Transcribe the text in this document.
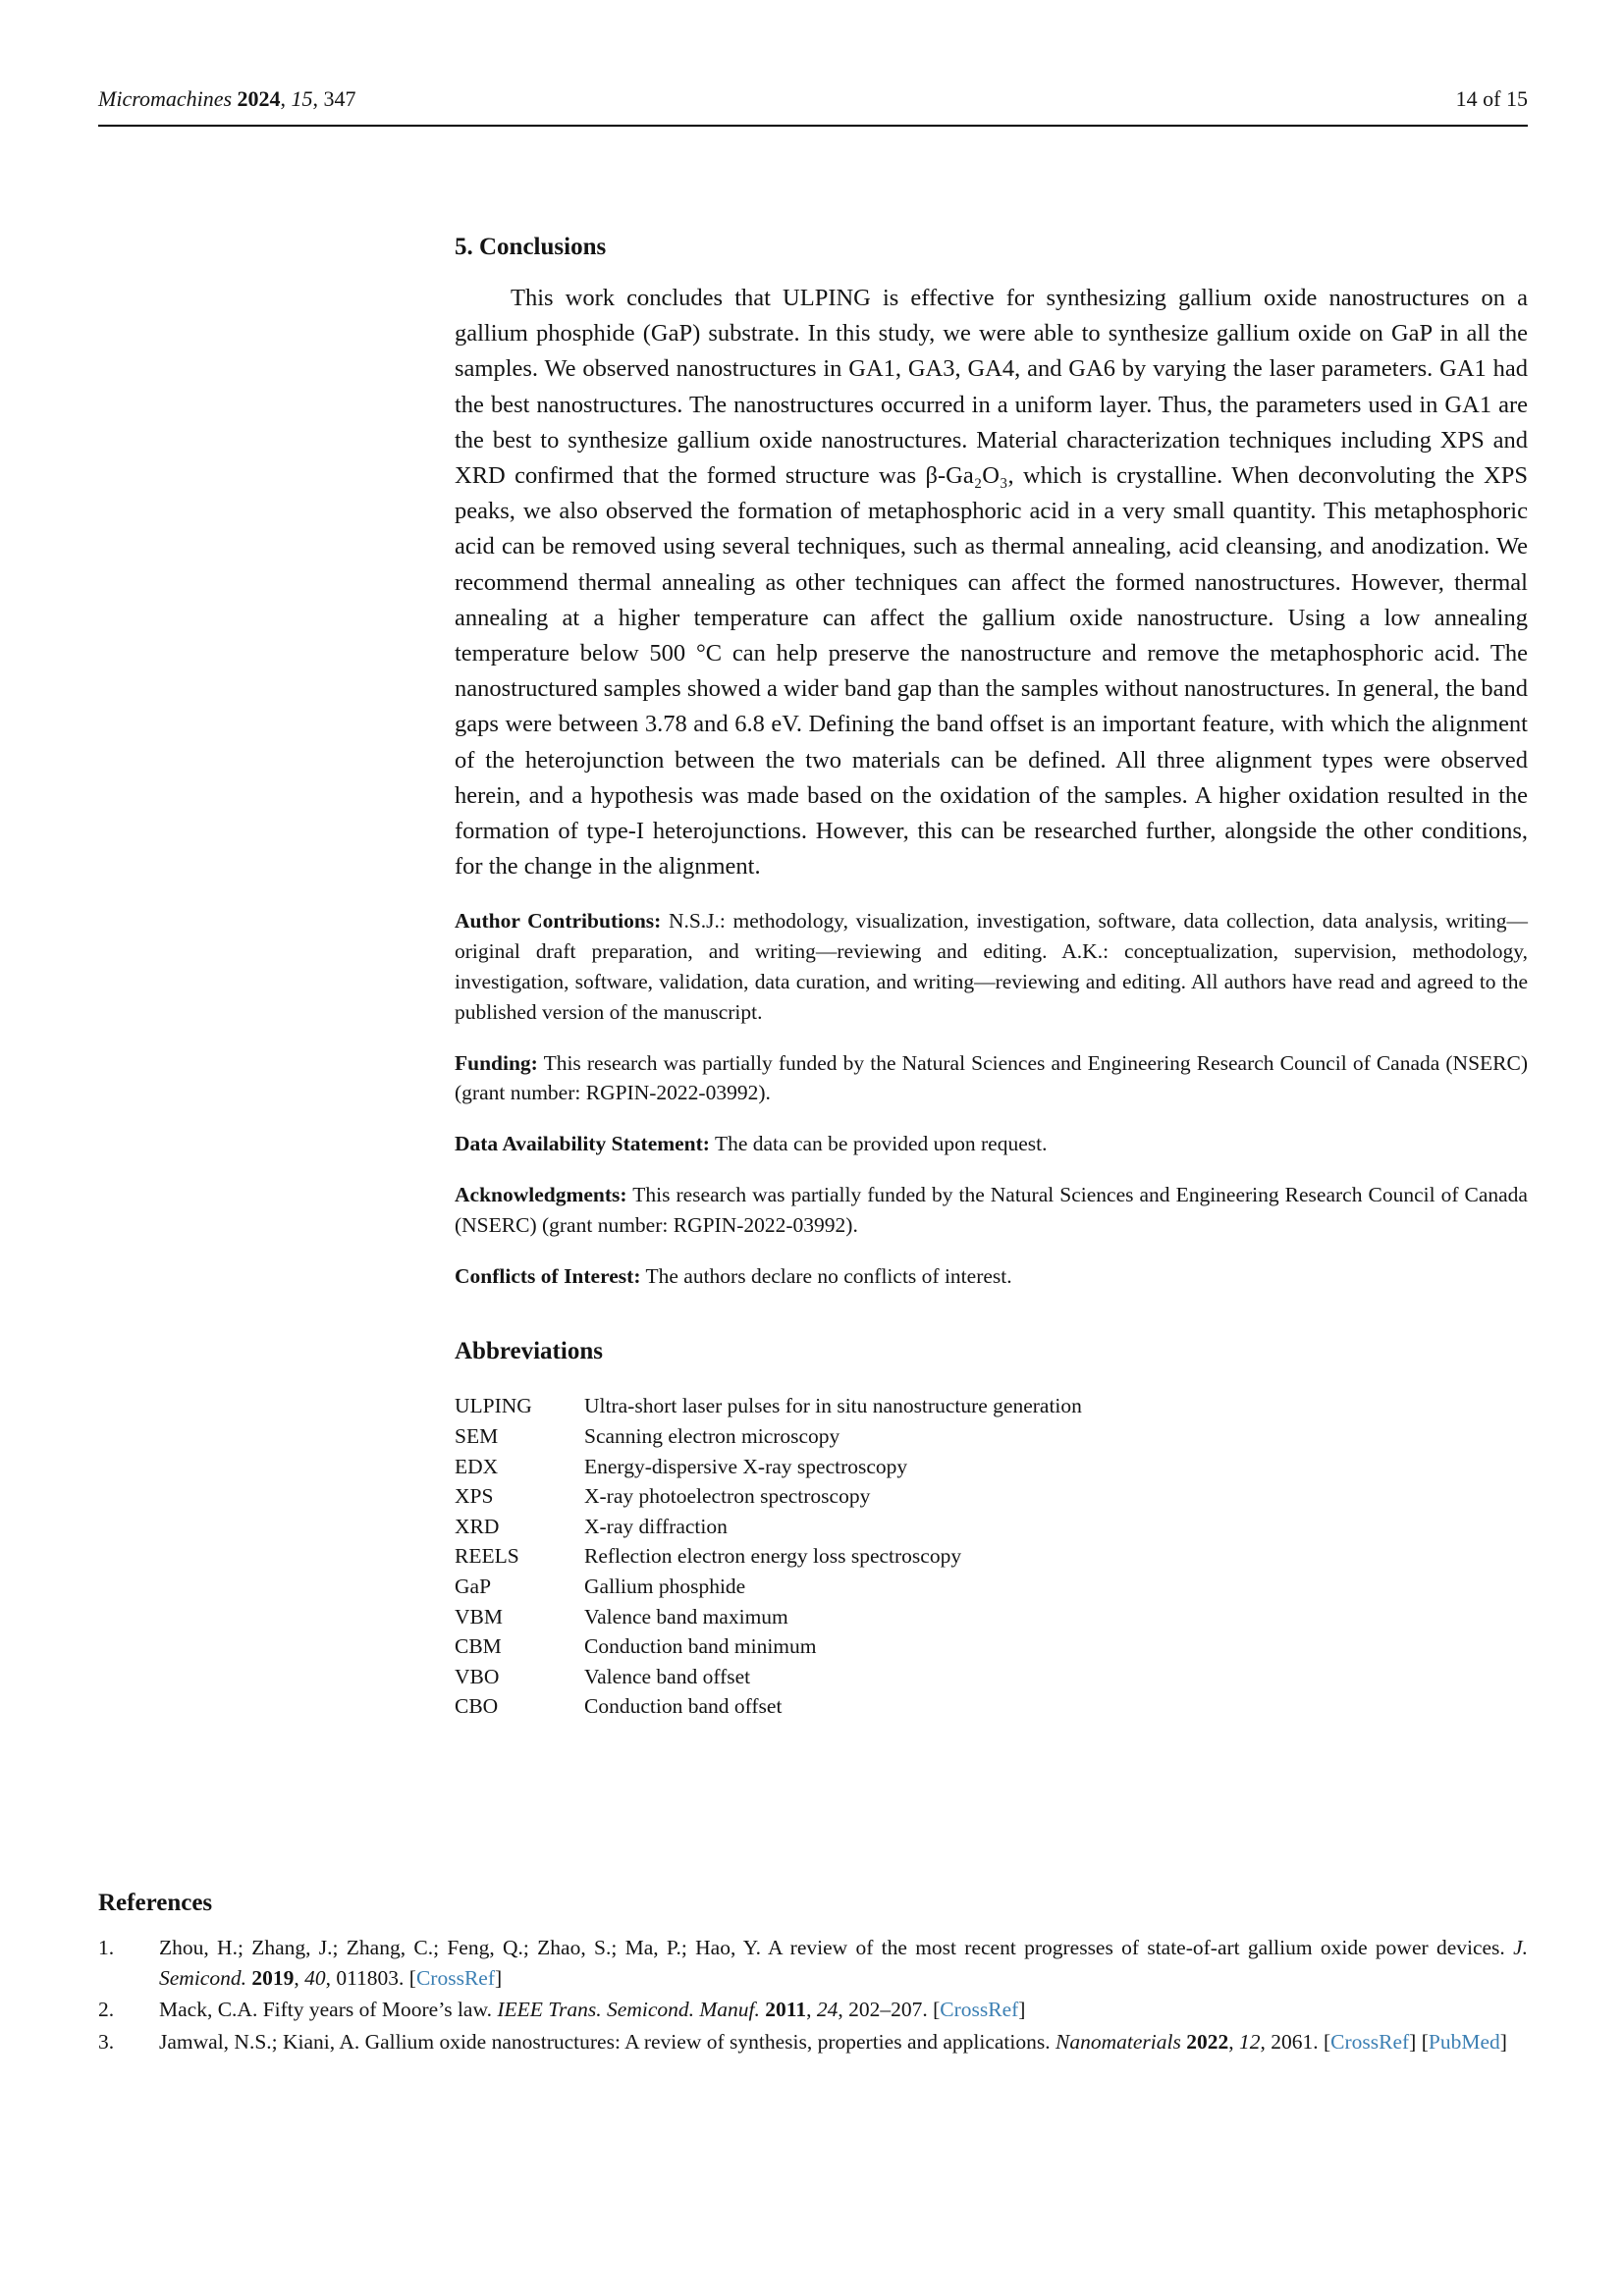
Micromachines 2024, 15, 347	14 of 15
5. Conclusions
This work concludes that ULPING is effective for synthesizing gallium oxide nanostructures on a gallium phosphide (GaP) substrate. In this study, we were able to synthesize gallium oxide on GaP in all the samples. We observed nanostructures in GA1, GA3, GA4, and GA6 by varying the laser parameters. GA1 had the best nanostructures. The nanostructures occurred in a uniform layer. Thus, the parameters used in GA1 are the best to synthesize gallium oxide nanostructures. Material characterization techniques including XPS and XRD confirmed that the formed structure was β-Ga₂O₃, which is crystalline. When deconvoluting the XPS peaks, we also observed the formation of metaphosphoric acid in a very small quantity. This metaphosphoric acid can be removed using several techniques, such as thermal annealing, acid cleansing, and anodization. We recommend thermal annealing as other techniques can affect the formed nanostructures. However, thermal annealing at a higher temperature can affect the gallium oxide nanostructure. Using a low annealing temperature below 500 °C can help preserve the nanostructure and remove the metaphosphoric acid. The nanostructured samples showed a wider band gap than the samples without nanostructures. In general, the band gaps were between 3.78 and 6.8 eV. Defining the band offset is an important feature, with which the alignment of the heterojunction between the two materials can be defined. All three alignment types were observed herein, and a hypothesis was made based on the oxidation of the samples. A higher oxidation resulted in the formation of type-I heterojunctions. However, this can be researched further, alongside the other conditions, for the change in the alignment.
Author Contributions: N.S.J.: methodology, visualization, investigation, software, data collection, data analysis, writing—original draft preparation, and writing—reviewing and editing. A.K.: conceptualization, supervision, methodology, investigation, software, validation, data curation, and writing—reviewing and editing. All authors have read and agreed to the published version of the manuscript.
Funding: This research was partially funded by the Natural Sciences and Engineering Research Council of Canada (NSERC) (grant number: RGPIN-2022-03992).
Data Availability Statement: The data can be provided upon request.
Acknowledgments: This research was partially funded by the Natural Sciences and Engineering Research Council of Canada (NSERC) (grant number: RGPIN-2022-03992).
Conflicts of Interest: The authors declare no conflicts of interest.
Abbreviations
ULPING	Ultra-short laser pulses for in situ nanostructure generation
SEM	Scanning electron microscopy
EDX	Energy-dispersive X-ray spectroscopy
XPS	X-ray photoelectron spectroscopy
XRD	X-ray diffraction
REELS	Reflection electron energy loss spectroscopy
GaP	Gallium phosphide
VBM	Valence band maximum
CBM	Conduction band minimum
VBO	Valence band offset
CBO	Conduction band offset
References
1.	Zhou, H.; Zhang, J.; Zhang, C.; Feng, Q.; Zhao, S.; Ma, P.; Hao, Y. A review of the most recent progresses of state-of-art gallium oxide power devices. J. Semicond. 2019, 40, 011803. [CrossRef]
2.	Mack, C.A. Fifty years of Moore’s law. IEEE Trans. Semicond. Manuf. 2011, 24, 202–207. [CrossRef]
3.	Jamwal, N.S.; Kiani, A. Gallium oxide nanostructures: A review of synthesis, properties and applications. Nanomaterials 2022, 12, 2061. [CrossRef] [PubMed]
